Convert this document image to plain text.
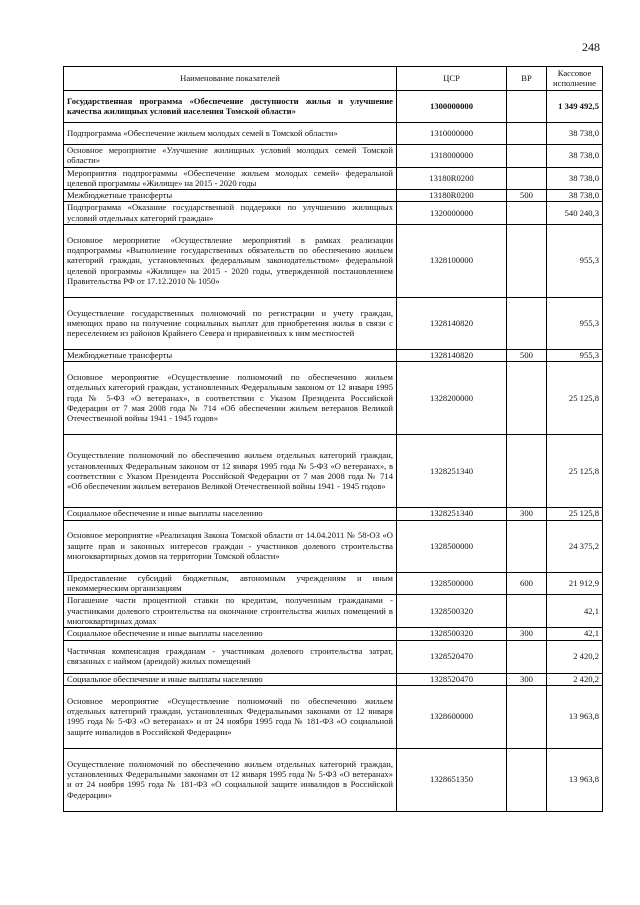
248
Наименование показателей	ЦСР	ВР	Кассовое исполнение
Государственная программа «Обеспечение доступности жилья и улучшение качества жилищных условий населения Томской области»	1300000000		1 349 492,5
Подпрограмма «Обеспечение жильем молодых семей в Томской области»	1310000000		38 738,0
Основное мероприятие «Улучшение жилищных условий молодых семей Томской области»	1318000000		38 738,0
Мероприятия подпрограммы «Обеспечение жильем молодых семей» федеральной целевой программы «Жилище» на 2015 - 2020 годы	13180R0200		38 738,0
Межбюджетные трансферты	13180R0200	500	38 738,0
Подпрограмма «Оказание государственной поддержки по улучшению жилищных условий отдельных категорий граждан»	1320000000		540 240,3
Основное мероприятие «Осуществление мероприятий в рамках реализации подпрограммы «Выполнение государственных обязательств по обеспечению жильем категорий граждан, установленных федеральным законодательством» федеральной целевой программы «Жилище» на 2015 - 2020 годы, утвержденной постановлением Правительства РФ от 17.12.2010 № 1050»	1328100000		955,3
Осуществление государственных полномочий по регистрации и учету граждан, имеющих право на получение социальных выплат для приобретения жилья в связи с переселением из районов Крайнего Севера и приравненных к ним местностей	1328140820		955,3
Межбюджетные трансферты	1328140820	500	955,3
Основное мероприятие «Осуществление полномочий по обеспечению жильем отдельных категорий граждан, установленных Федеральным законом от 12 января 1995 года № 5-ФЗ «О ветеранах», в соответствии с Указом Президента Российской Федерации от 7 мая 2008 года № 714 «Об обеспечении жильем ветеранов Великой Отечественной войны 1941 - 1945 годов»	1328200000		25 125,8
Осуществление полномочий по обеспечению жильем отдельных категорий граждан, установленных Федеральным законом от 12 января 1995 года № 5-ФЗ «О ветеранах», в соответствии с Указом Президента Российской Федерации от 7 мая 2008 года № 714 «Об обеспечении жильем ветеранов Великой Отечественной войны 1941 - 1945 годов»	1328251340		25 125,8
Социальное обеспечение и иные выплаты населению	1328251340	300	25 125,8
Основное мероприятие «Реализация Закона Томской области от 14.04.2011 № 58-ОЗ «О защите прав и законных интересов граждан - участников долевого строительства многоквартирных домов на территории Томской области»	1328500000		24 375,2
Предоставление субсидий бюджетным, автономным учреждениям и иным некоммерческим организациям	1328500000	600	21 912,9
Погашение части процентной ставки по кредитам, полученным гражданами - участниками долевого строительства на окончание строительства жилых помещений в многоквартирных домах	1328500320		42,1
Социальное обеспечение и иные выплаты населению	1328500320	300	42,1
Частичная компенсация гражданам - участникам долевого строительства затрат, связанных с наймом (арендой) жилых помещений	1328520470		2 420,2
Социальное обеспечение и иные выплаты населению	1328520470	300	2 420,2
Основное мероприятие «Осуществление полномочий по обеспечению жильем отдельных категорий граждан, установленных Федеральными законами от 12 января 1995 года № 5-ФЗ «О ветеранах» и от 24 ноября 1995 года № 181-ФЗ «О социальной защите инвалидов в Российской Федерации»	1328600000		13 963,8
Осуществление полномочий по обеспечению жильем отдельных категорий граждан, установленных Федеральными законами от 12 января 1995 года № 5-ФЗ «О ветеранах» и от 24 ноября 1995 года № 181-ФЗ «О социальной защите инвалидов в Российской Федерации»	1328651350		13 963,8
